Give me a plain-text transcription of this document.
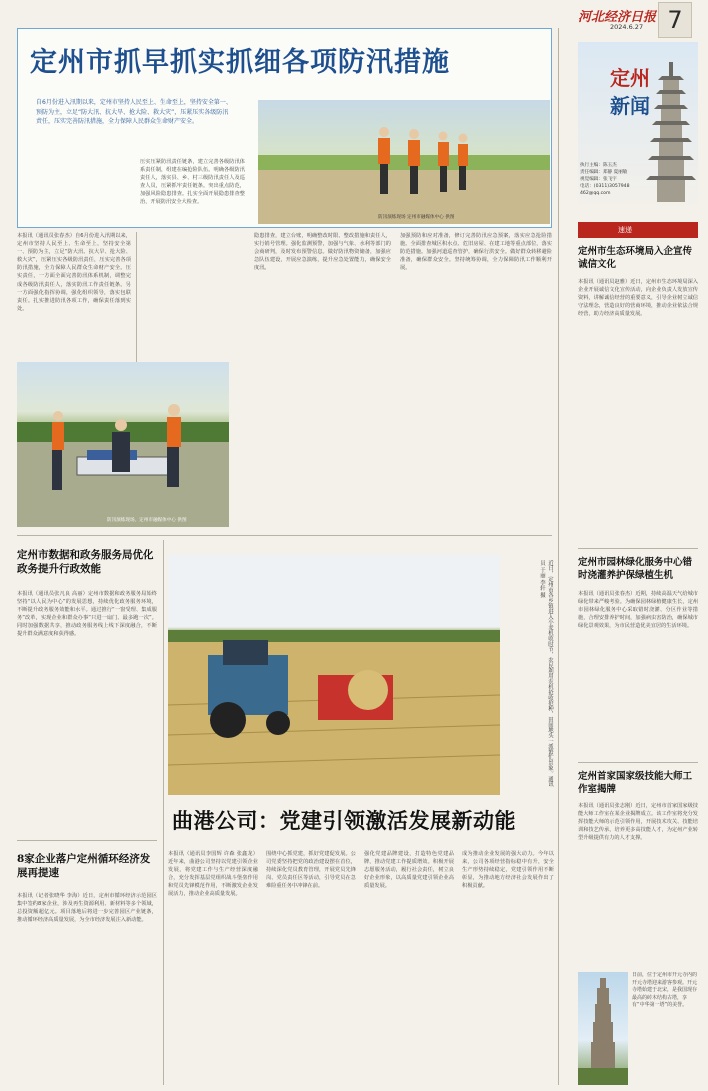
定州市抓早抓实抓细各项防汛措施
自6月份进入汛期以来，定州市坚持人民至上、生命至上，坚持安全第一、预防为主，立足“防大汛、抗大旱、抢大险、救大灾”，压紧压实各级防汛责任，压实完善防汛措施，全力保障人民群众生命财产安全。
防汛演练现场 定州市融媒体中心 供图
防汛演练现场。定州市融媒体中心 供图
本报讯（通讯员张春杰）自6月份进入汛期以来，定州市坚持人民至上、生命至上，坚持安全第一、预防为主，立足“防大汛、抗大旱、抢大险、救大灾”，压紧压实各级防汛责任，压实完善各项防汛措施，全力保障人民群众生命财产安全。压实责任，一方面全面完善防汛体系机制，调整完成各级防汛责任人，落实防汛工作责任链条。另一方面强化指挥协调，强化组织领导，落实包联责任。扎实推进防汛各项工作，确保责任落到实处。
压实压紧防汛责任链条，建立完善各级防汛体系责任制，组建在编抢险队伍。明确各级防汛责任人，落实县、乡、村三级防汛责任人及巡查人员，压紧抓牢责任链条。突出重点防范，加强风险隐患排查。扎实全面开展隐患排查整治，开展防汛安全大检查。
隐患排查，建立台账，明确整改时限、整改措施和责任人，实行销号管理。强化监测预警，加强与气象、水利等部门的会商研判，及时发布预警信息。做好防汛物资储备，加强应急队伍建设，开展应急演练，提升应急处置能力，确保安全度汛。
加强预防和应对准备，修订完善防汛应急预案，落实应急抢险措施。全面排查城区积水点、危旧房屋、在建工地等重点部位，落实防范措施。加强河道巡查管护，确保行洪安全。做好群众转移避险准备，确保群众安全。坚持统筹协调，全力保障防汛工作顺利开展。
定州市数据和政务服务局优化政务提升行政效能
本报讯（通讯员张凡良 高丽）定州市数据和政务服务局始终坚持“以人民为中心”的发展思想，持续优化政务服务环境，不断提升政务服务效能和水平。通过推行“一窗受理、集成服务”改革，实现企业和群众办事“只进一扇门、最多跑一次”。同时加强数据共享，推动政务服务线上线下深度融合，不断提升群众满意度和获得感。
8家企业落户定州循环经济发展再提速
本报讯（记者张晓华 李海）近日，定州市循环经济示范园区集中签约8家企业，涉及再生资源利用、新材料等多个领域，总投资额超亿元。项目落地后将进一步完善园区产业链条，推动循环经济高质量发展，为全市经济发展注入新动能。
近日，定州市各乡镇进入小麦机收时节，农民利用农机抢收抢种，田间地头一派繁忙景象。通讯员 于丽 李轩 摄
曲港公司：党建引领激活发展新动能
本报讯（通讯员李国辉 许森 张鑫龙）近年来，曲港公司坚持以党建引领企业发展，将党建工作与生产经营深度融合，充分发挥基层党组织战斗堡垒作用和党员先锋模范作用，不断激发企业发展活力，推动企业高质量发展。
围绕中心抓党建，抓好党建促发展。公司党委坚持把党的政治建设摆在首位，持续深化党员教育管理，开展党员先锋岗、党员责任区等活动，引导党员在急难险重任务中冲锋在前。
强化党建品牌建设，打造特色党建品牌，推动党建工作提质增效。积极开展志愿服务活动，履行社会责任，树立良好企业形象，以高质量党建引领企业高质量发展。
成为推动企业发展的强大动力。今年以来，公司各项经营指标稳中有升，安全生产形势持续稳定，党建引领作用不断彰显，为推动地方经济社会发展作出了积极贡献。
河北经济日报
2024.6.27	7
定州
新闻
执行主编：陈玉杰
责任编辑：郑静 夏丽敏
视觉编辑：张飞宇
电话：(0311)3057948 462@qq.com
速递
定州市生态环境局入企宣传诚信文化
本报讯（通讯员赵雅）近日，定州市生态环境局深入企业开展诚信文化宣传活动，向企业负责人发放宣传资料，讲解诚信经营的重要意义，引导企业树立诚信守法理念，营造良好的营商环境，推动企业依法合规经营，助力经济高质量发展。
定州市园林绿化服务中心错时浇灌养护保绿植生机
本报讯（通讯员张春杰）近期，持续高温天气给城市绿化带来严峻考验。为确保园林绿植健康生长，定州市园林绿化服务中心采取错时浇灌、分区作业等措施，合理安排养护时间，加强病虫害防治，确保城市绿化景观效果，为市民营造优美宜居的生活环境。
定州首家国家级技能大师工作室揭牌
本报讯（通讯员张志刚）近日，定州市首家国家级技能大师工作室在某企业揭牌成立。该工作室将充分发挥技能大师的示范引领作用，开展技术攻关、技能培训和技艺传承，培养更多高技能人才，为定州产业转型升级提供有力的人才支撑。
日前，位于定州市开元寺内的开元寺塔迎来游客参观。开元寺塔始建于北宋，是我国现存最高的砖木结构古塔，享有“中华第一塔”的美誉。
